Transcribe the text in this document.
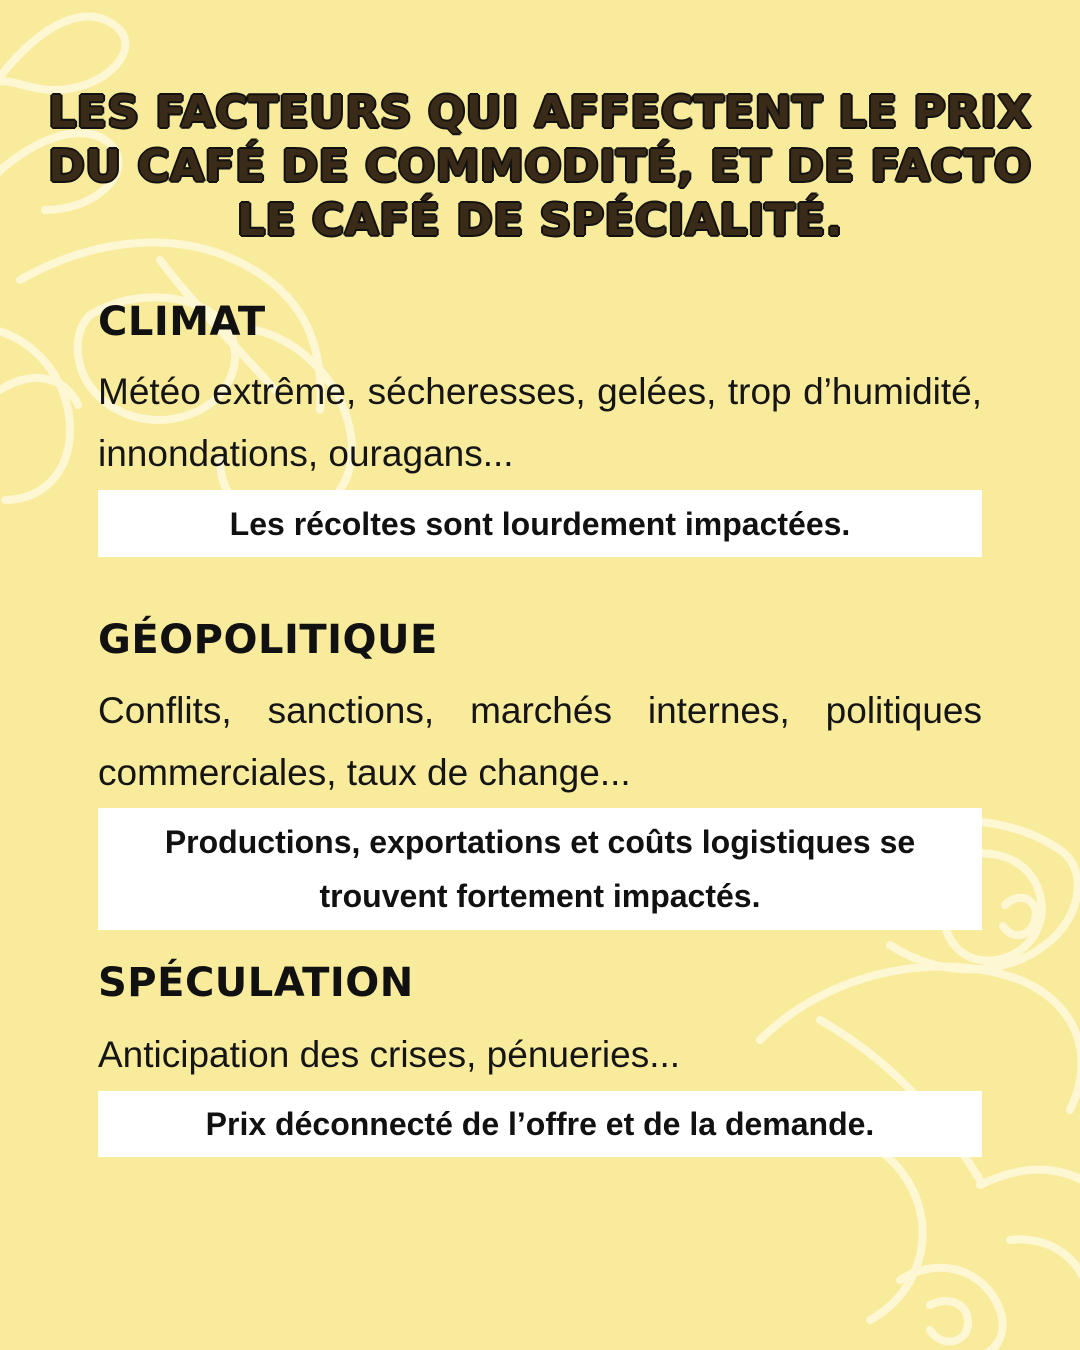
LES FACTEURS QUI AFFECTENT LE PRIX DU CAFÉ DE COMMODITÉ, ET DE FACTO LE CAFÉ DE SPÉCIALITÉ.
CLIMAT

Météo extrême, sécheresses, gelées, trop d’humidité, innondations, ouragans...

Les récoltes sont lourdement impactées.

GÉOPOLITIQUE

Conflits, sanctions, marchés internes, politiques commerciales, taux de change...

Productions, exportations et coûts logistiques se trouvent fortement impactés.

SPÉCULATION

Anticipation des crises, pénueries...

Prix déconnecté de l’offre et de la demande.
